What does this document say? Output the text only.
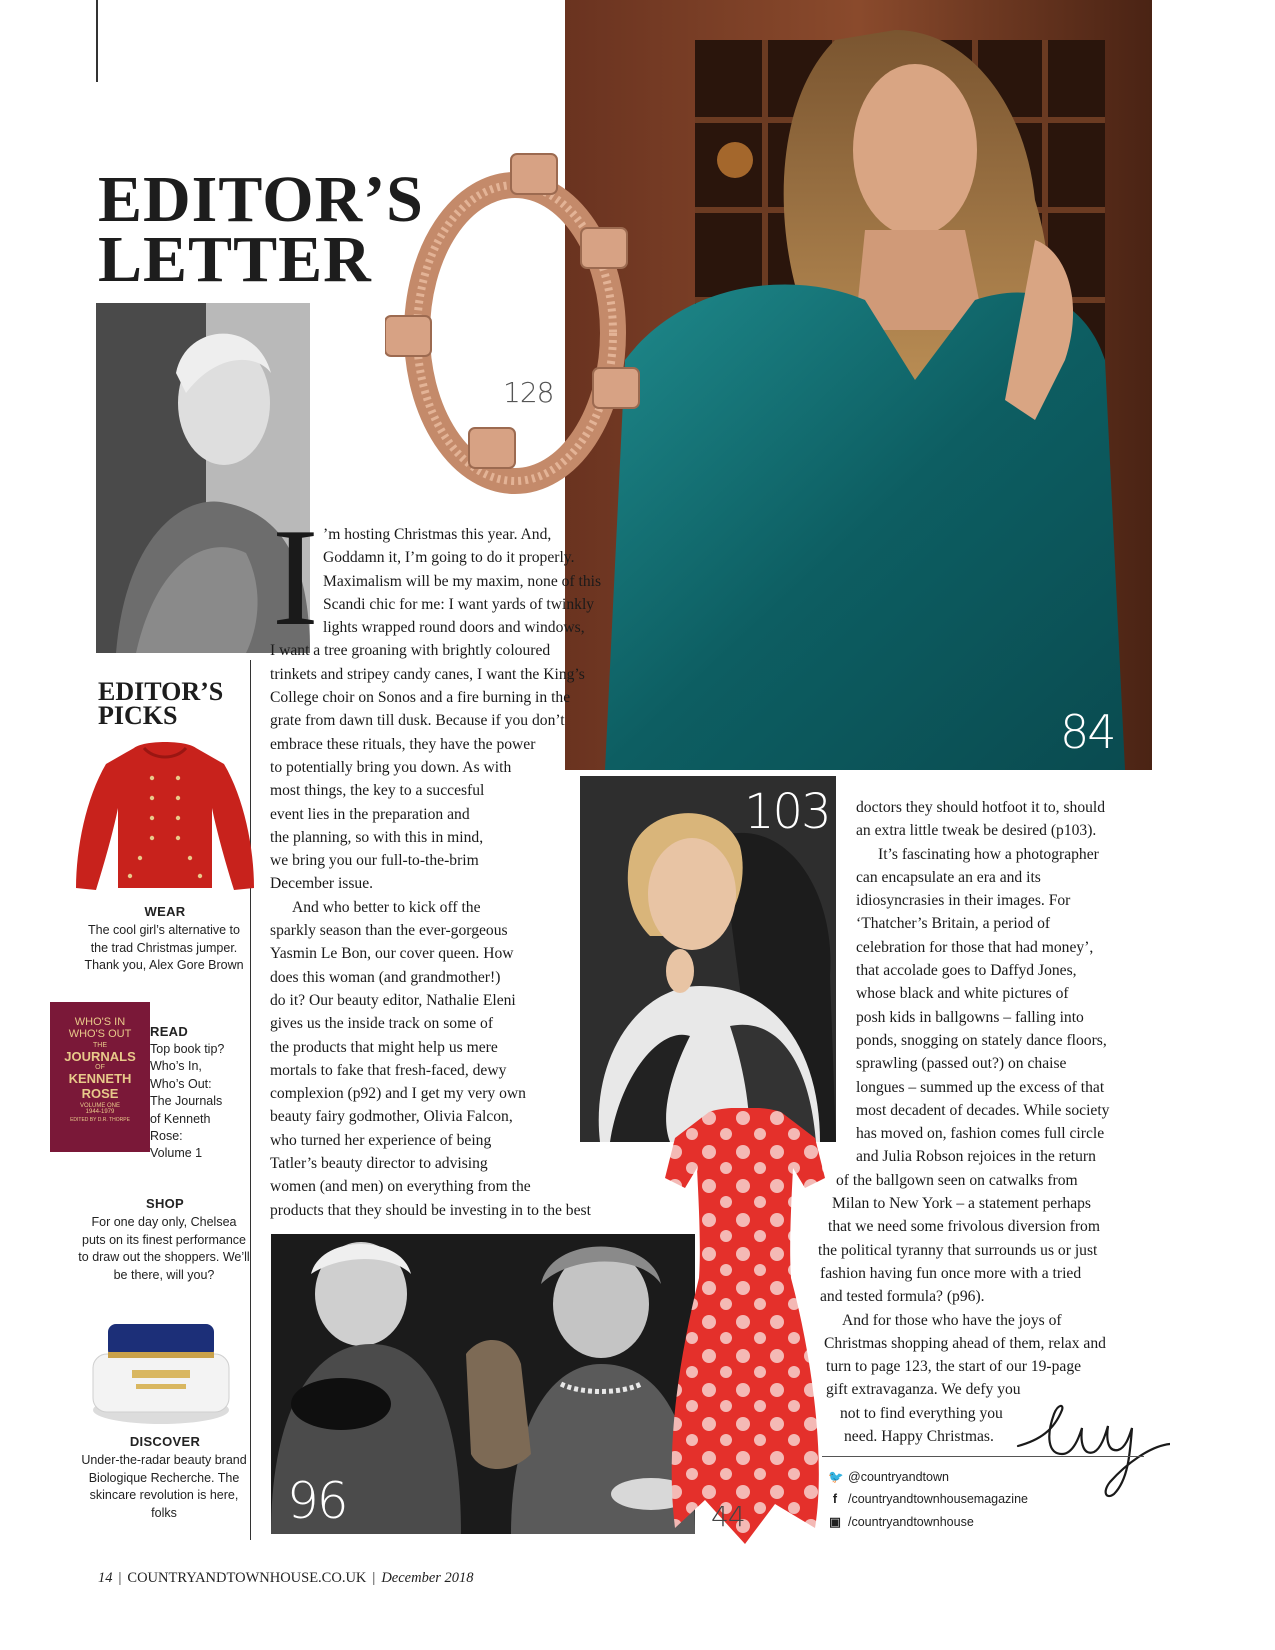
84
128
EDITOR’S
LETTER
EDITOR’S
PICKS
WEAR
The cool girl’s alternative to the trad Christmas jumper. Thank you, Alex Gore Brown
WHO'S IN
WHO'S OUT
THE
JOURNALS
OF
KENNETH
ROSE
VOLUME ONE
1944-1979
EDITED BY D.R. THORPE
READ
Top book tip?
Who’s In,
Who’s Out:
The Journals
of Kenneth
Rose:
Volume 1
SHOP
For one day only, Chelsea puts on its finest performance to draw out the shoppers. We’ll be there, will you?
DISCOVER
Under-the-radar beauty brand Biologique Recherche. The skincare revolution is here, folks
I ’m hosting Christmas this year. And,
Goddamn it, I’m going to do it properly.
Maximalism will be my maxim, none of this
Scandi chic for me: I want yards of twinkly
lights wrapped round doors and windows,
I want a tree groaning with brightly coloured
trinkets and stripey candy canes, I want the King’s
College choir on Sonos and a fire burning in the
grate from dawn till dusk. Because if you don’t
embrace these rituals, they have the power
to potentially bring you down. As with
most things, the key to a succesful
event lies in the preparation and
the planning, so with this in mind,
we bring you our full-to-the-brim
December issue.
And who better to kick off the
sparkly season than the ever-gorgeous
Yasmin Le Bon, our cover queen. How
does this woman (and grandmother!)
do it? Our beauty editor, Nathalie Eleni
gives us the inside track on some of
the products that might help us mere
mortals to fake that fresh-faced, dewy
complexion (p92) and I get my very own
beauty fairy godmother, Olivia Falcon,
who turned her experience of being
Tatler’s beauty director to advising
women (and men) on everything from the
products that they should be investing in to the best
103
96	44
doctors they should hotfoot it to, should
an extra little tweak be desired (p103).
It’s fascinating how a photographer
can encapsulate an era and its
idiosyncrasies in their images. For
‘Thatcher’s Britain, a period of
celebration for those that had money’,
that accolade goes to Daffyd Jones,
whose black and white pictures of
posh kids in ballgowns – falling into
ponds, snogging on stately dance floors,
sprawling (passed out?) on chaise
longues – summed up the excess of that
most decadent of decades. While society
has moved on, fashion comes full circle
and Julia Robson rejoices in the return
of the ballgown seen on catwalks from
Milan to New York – a statement perhaps
that we need some frivolous diversion from
the political tyranny that surrounds us or just
fashion having fun once more with a tried
and tested formula? (p96).
And for those who have the joys of
Christmas shopping ahead of them, relax and
turn to page 123, the start of our 19-page
gift extravaganza. We defy you
not to find everything you
need. Happy Christmas.
🐦 @countryandtown
f /countryandtownhousemagazine
▣ /countryandtownhouse
14 | COUNTRYANDTOWNHOUSE.CO.UK | December 2018
